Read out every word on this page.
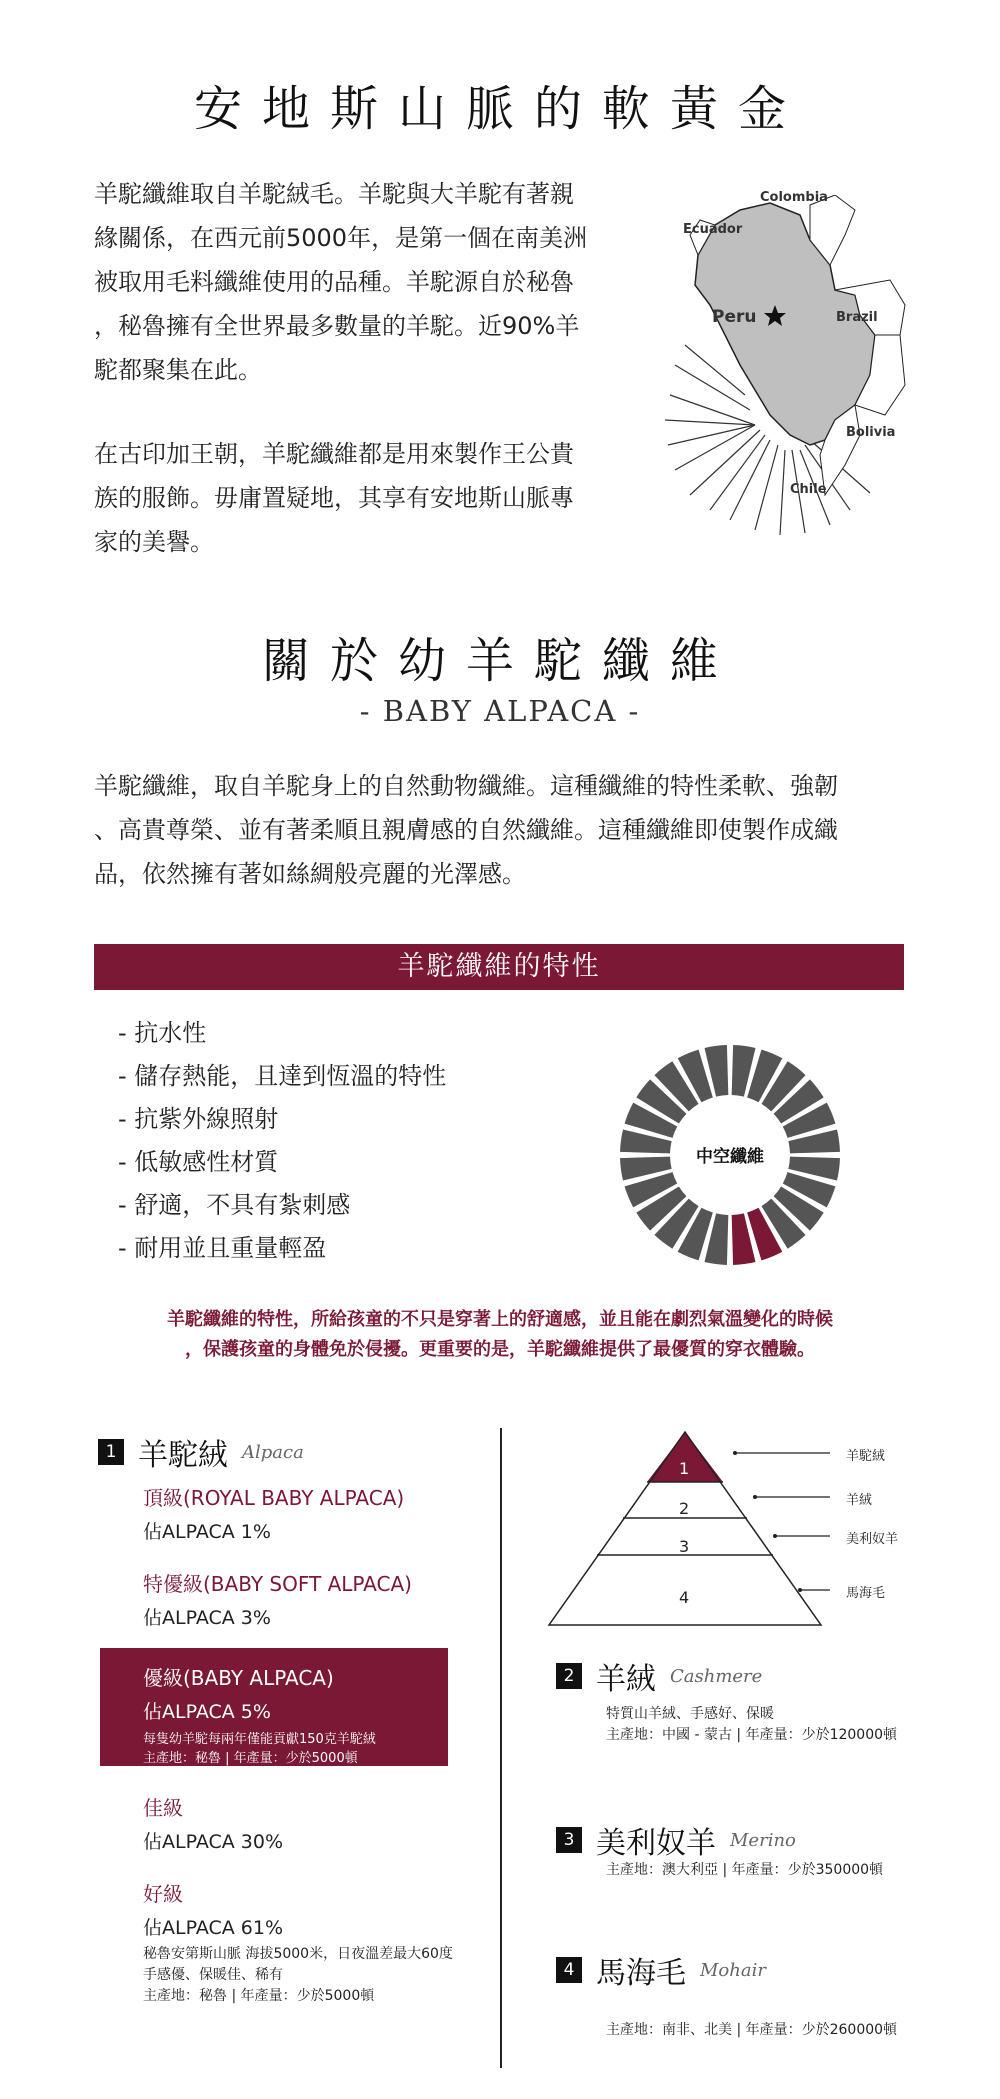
安地斯山脈的軟黃金
羊駝纖維取自羊駝絨毛。羊駝與大羊駝有著親
緣關係，在西元前5000年，是第一個在南美洲
被取用毛料纖維使用的品種。羊駝源自於秘魯
，秘魯擁有全世界最多數量的羊駝。近90%羊
駝都聚集在此。
在古印加王朝，羊駝纖維都是用來製作王公貴
族的服飾。毋庸置疑地，其享有安地斯山脈專
家的美譽。
Colombia
Ecuador
Peru	Brazil
Bolivia
Chile
關於幼羊駝纖維
- BABY ALPACA -
羊駝纖維，取自羊駝身上的自然動物纖維。這種纖維的特性柔軟、強韌
、高貴尊榮、並有著柔順且親膚感的自然纖維。這種纖維即使製作成織
品，依然擁有著如絲綢般亮麗的光澤感。
羊駝纖維的特性
- 抗水性
- 儲存熱能，且達到恆溫的特性
- 抗紫外線照射
- 低敏感性材質
- 舒適，不具有紮刺感
- 耐用並且重量輕盈
中空纖維
羊駝纖維的特性，所給孩童的不只是穿著上的舒適感，並且能在劇烈氣溫變化的時候
，保護孩童的身體免於侵擾。更重要的是，羊駝纖維提供了最優質的穿衣體驗。
1 羊駝絨 Alpaca
頂級(ROYAL BABY ALPACA)
佔ALPACA 1%
特優級(BABY SOFT ALPACA)
佔ALPACA 3%
優級(BABY ALPACA)
佔ALPACA 5%
每隻幼羊駝每兩年僅能貢獻150克羊駝絨
主產地：秘魯 | 年產量：少於5000頓
佳級
佔ALPACA 30%
好級
佔ALPACA 61%
秘魯安第斯山脈 海拔5000米，日夜溫差最大60度
手感優、保暖佳、稀有
主產地：秘魯 | 年產量：少於5000頓
1
2
3
4
羊駝絨
羊絨
美利奴羊
馬海毛
2 羊絨 Cashmere
特質山羊絨、手感好、保暖
主產地：中國 - 蒙古 | 年產量：少於120000頓
3 美利奴羊 Merino
主產地：澳大利亞 | 年產量：少於350000頓
4 馬海毛 Mohair
主產地：南非、北美 | 年產量：少於260000頓
